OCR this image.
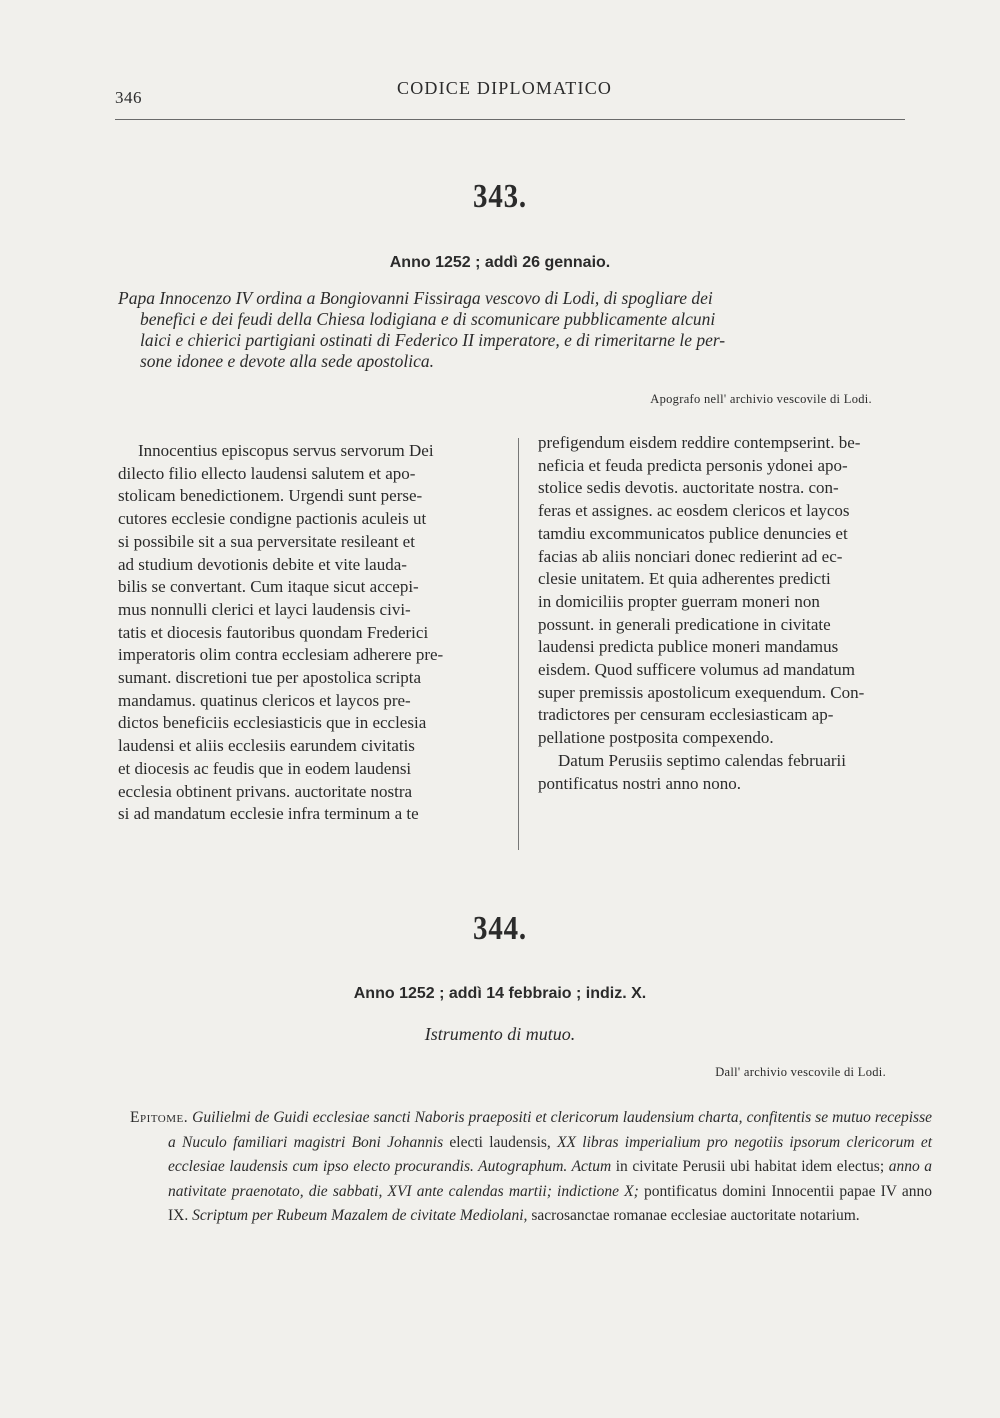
346	CODICE DIPLOMATICO
343.
Anno 1252 ; addì 26 gennaio.

Papa Innocenzo IV ordina a Bongiovanni Fissiraga vescovo di Lodi, di spogliare dei

benefici e dei feudi della Chiesa lodigiana e di scomunicare pubblicamente alcuni

laici e chierici partigiani ostinati di Federico II imperatore, e di rimeritarne le per-

sone idonee e devote alla sede apostolica.

Apografo nell' archivio vescovile di Lodi.

Innocentius episcopus servus servorum Dei

dilecto filio ellecto laudensi salutem et apo-

stolicam benedictionem. Urgendi sunt perse-

cutores ecclesie condigne pactionis aculeis ut

si possibile sit a sua perversitate resileant et

ad studium devotionis debite et vite lauda-

bilis se convertant. Cum itaque sicut accepi-

mus nonnulli clerici et layci laudensis civi-

tatis et diocesis fautoribus quondam Frederici

imperatoris olim contra ecclesiam adherere pre-

sumant. discretioni tue per apostolica scripta

mandamus. quatinus clericos et laycos pre-

dictos beneficiis ecclesiasticis que in ecclesia

laudensi et aliis ecclesiis earundem civitatis

et diocesis ac feudis que in eodem laudensi

ecclesia obtinent privans. auctoritate nostra

si ad mandatum ecclesie infra terminum a te

prefigendum eisdem reddire contempserint. be-

neficia et feuda predicta personis ydonei apo-

stolice sedis devotis. auctoritate nostra. con-

feras et assignes. ac eosdem clericos et laycos

tamdiu excommunicatos publice denuncies et

facias ab aliis nonciari donec redierint ad ec-

clesie unitatem. Et quia adherentes predicti

in domiciliis propter guerram moneri non

possunt. in generali predicatione in civitate

laudensi predicta publice moneri mandamus

eisdem. Quod sufficere volumus ad mandatum

super premissis apostolicum exequendum. Con-

tradictores per censuram ecclesiasticam ap-

pellatione postposita compexendo.

Datum Perusiis septimo calendas februarii

pontificatus nostri anno nono.

344.
Anno 1252 ; addì 14 febbraio ; indiz. X.
Istrumento di mutuo.
Dall' archivio vescovile di Lodi.

Epitome. Guilielmi de Guidi ecclesiae sancti Naboris praepositi et clericorum laudensium charta, confitentis se mutuo recepisse a Nuculo familiari magistri Boni Johannis electi laudensis, XX libras imperialium pro negotiis ipsorum clericorum et ecclesiae laudensis cum ipso electo procurandis. Autographum. Actum in civitate Perusii ubi habitat idem electus; anno a nativitate praenotato, die sabbati, XVI ante calendas martii; indictione X; pontificatus domini Innocentii papae IV anno IX. Scriptum per Rubeum Mazalem de civitate Mediolani, sacrosanctae romanae ecclesiae auctoritate notarium.
